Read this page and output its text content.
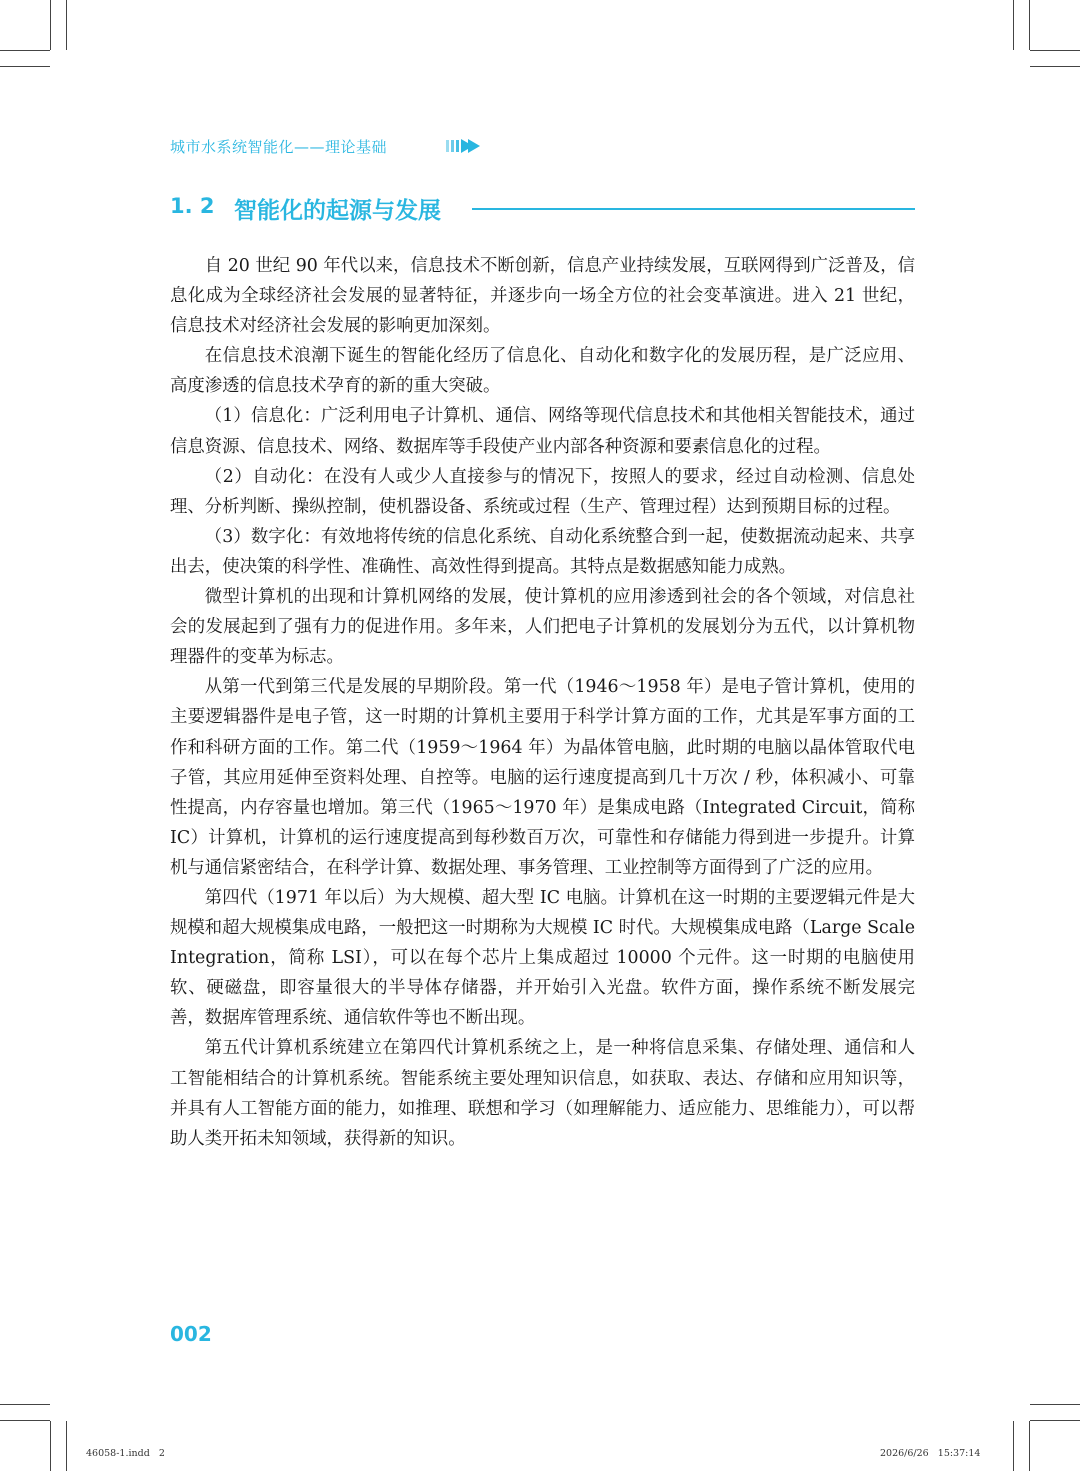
城市水系统智能化——理论基础
1. 2 智能化的起源与发展

自 20 世纪 90 年代以来，信息技术不断创新，信息产业持续发展，互联网得到广泛普及，信息化成为全球经济社会发展的显著特征，并逐步向一场全方位的社会变革演进。进入 21 世纪，信息技术对经济社会发展的影响更加深刻。

在信息技术浪潮下诞生的智能化经历了信息化、自动化和数字化的发展历程，是广泛应用、高度渗透的信息技术孕育的新的重大突破。

（1）信息化：广泛利用电子计算机、通信、网络等现代信息技术和其他相关智能技术，通过信息资源、信息技术、网络、数据库等手段使产业内部各种资源和要素信息化的过程。

（2）自动化：在没有人或少人直接参与的情况下，按照人的要求，经过自动检测、信息处理、分析判断、操纵控制，使机器设备、系统或过程（生产、管理过程）达到预期目标的过程。

（3）数字化：有效地将传统的信息化系统、自动化系统整合到一起，使数据流动起来、共享出去，使决策的科学性、准确性、高效性得到提高。其特点是数据感知能力成熟。

微型计算机的出现和计算机网络的发展，使计算机的应用渗透到社会的各个领域，对信息社会的发展起到了强有力的促进作用。多年来，人们把电子计算机的发展划分为五代，以计算机物理器件的变革为标志。

从第一代到第三代是发展的早期阶段。第一代（1946～1958 年）是电子管计算机，使用的主要逻辑器件是电子管，这一时期的计算机主要用于科学计算方面的工作，尤其是军事方面的工作和科研方面的工作。第二代（1959～1964 年）为晶体管电脑，此时期的电脑以晶体管取代电子管，其应用延伸至资料处理、自控等。电脑的运行速度提高到几十万次 / 秒，体积减小、可靠性提高，内存容量也增加。第三代（1965～1970 年）是集成电路（Integrated Circuit，简称 IC）计算机，计算机的运行速度提高到每秒数百万次，可靠性和存储能力得到进一步提升。计算机与通信紧密结合，在科学计算、数据处理、事务管理、工业控制等方面得到了广泛的应用。

第四代（1971 年以后）为大规模、超大型 IC 电脑。计算机在这一时期的主要逻辑元件是大规模和超大规模集成电路，一般把这一时期称为大规模 IC 时代。大规模集成电路（Large Scale Integration，简称 LSI），可以在每个芯片上集成超过 10000 个元件。这一时期的电脑使用软、硬磁盘，即容量很大的半导体存储器，并开始引入光盘。软件方面，操作系统不断发展完善，数据库管理系统、通信软件等也不断出现。

第五代计算机系统建立在第四代计算机系统之上，是一种将信息采集、存储处理、通信和人工智能相结合的计算机系统。智能系统主要处理知识信息，如获取、表达、存储和应用知识等，并具有人工智能方面的能力，如推理、联想和学习（如理解能力、适应能力、思维能力），可以帮助人类开拓未知领域，获得新的知识。

002
46058-1.indd   2	2026/6/26   15:37:14
